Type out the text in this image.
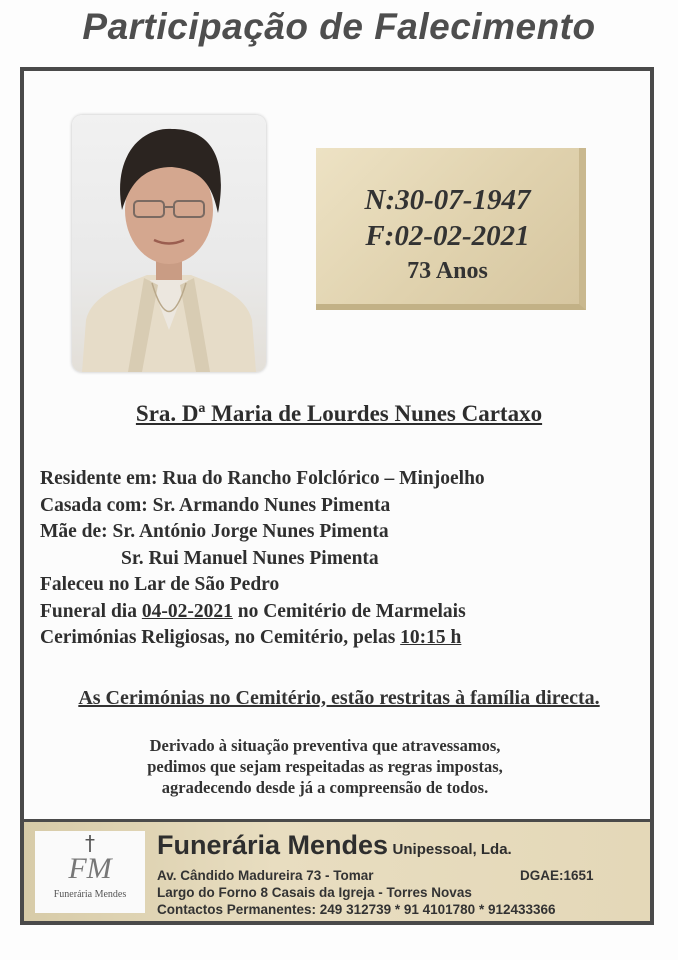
Participação de Falecimento
N:30-07-1947
F:02-02-2021
73 Anos
Sra. Dª Maria de Lourdes Nunes Cartaxo
Residente em: Rua do Rancho Folclórico – Minjoelho
Casada com: Sr. Armando Nunes Pimenta
Mãe de: Sr. António Jorge Nunes Pimenta
Sr. Rui Manuel Nunes Pimenta
Faleceu no Lar de São Pedro
Funeral dia 04-02-2021 no Cemitério de Marmelais
Cerimónias Religiosas, no Cemitério, pelas 10:15 h
As Cerimónias no Cemitério, estão restritas à família directa.
Derivado à situação preventiva que atravessamos,
pedimos que sejam respeitadas as regras impostas,
agradecendo desde já a compreensão de todos.
†
FM
Funerária Mendes
Funerária Mendes Unipessoal, Lda.
Av. Cândido Madureira 73 - Tomar	DGAE:1651
Largo do Forno 8 Casais da Igreja - Torres Novas
Contactos Permanentes: 249 312739 * 91 4101780 * 912433366
